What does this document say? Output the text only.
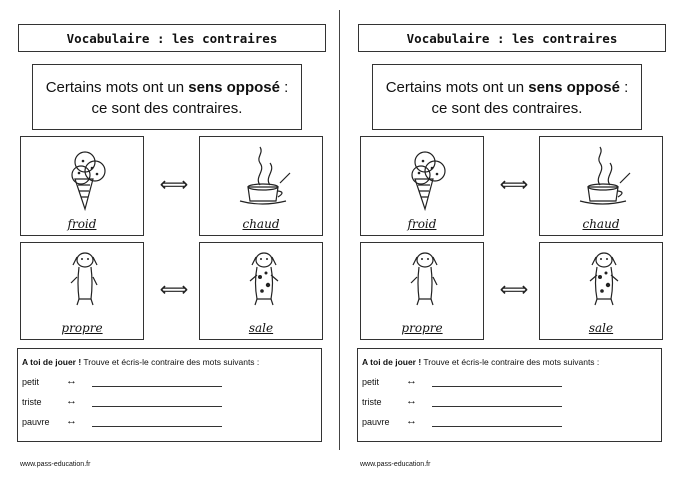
Vocabulaire : les contraires
Certains mots ont un sens opposé : ce sont des contraires.
froid
⟺
chaud
propre
⟺
sale
A toi de jouer ! Trouve et écris-le contraire des mots suivants :
petit ↔
triste ↔
pauvre ↔
www.pass-education.fr
Vocabulaire : les contraires
Certains mots ont un sens opposé : ce sont des contraires.
froid
⟺
chaud
propre
⟺
sale
A toi de jouer ! Trouve et écris-le contraire des mots suivants :
petit ↔
triste ↔
pauvre ↔
www.pass-education.fr
